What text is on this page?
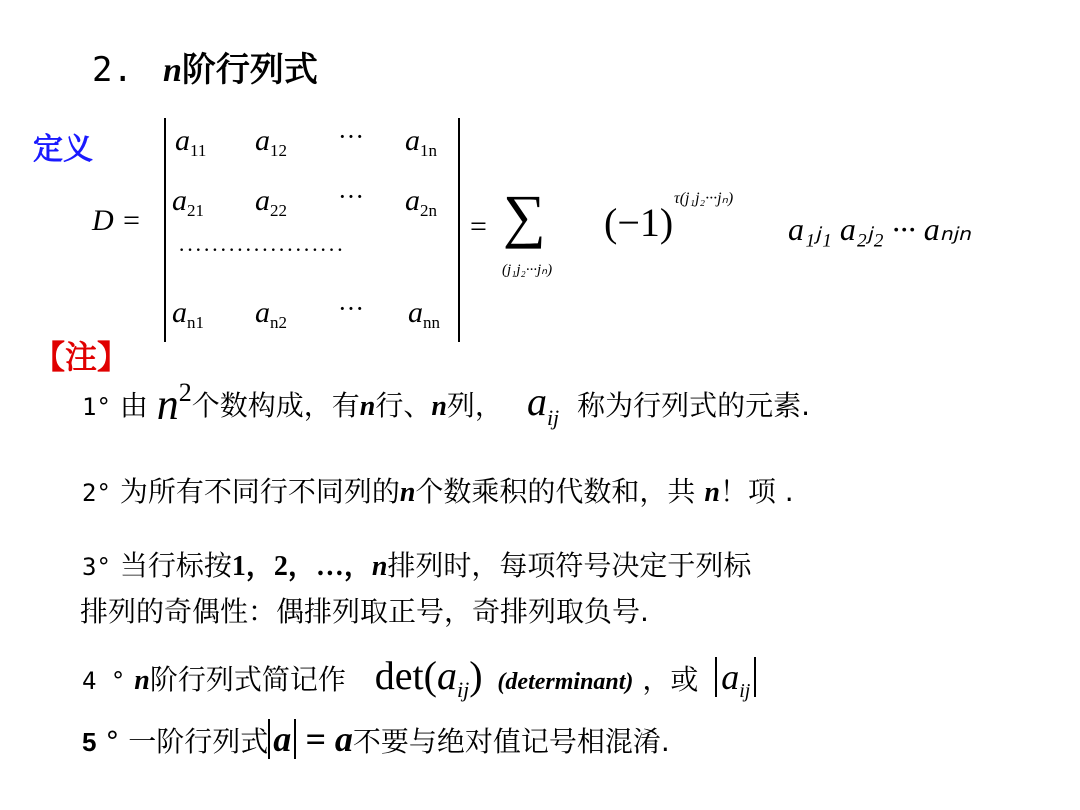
2. n阶行列式
定义
D =
$a_{11}$ $a_{12}$ ··· $a_{1n}$
$a_{21}$ $a_{22}$ ··· $a_{2n}$
····················
$a_{n1}$ $a_{n2}$ ··· $a_{nn}$
= ∑
(j₁j₂···jₙ)
(−1)
τ(j₁j₂···jₙ)
a₁ⱼ₁ a₂ⱼ₂ ··· aₙⱼₙ
【注】
1° 由 $n^2$个数构成，有n行、n列， $a_{ij}$ 称为行列式的元素.
2° 为所有不同行不同列的n个数乘积的代数和，共 n！项 .
3° 当行标按1，2，…，n排列时，每项符号决定于列标
排列的奇偶性：偶排列取正号，奇排列取负号.
4 ° n阶行列式简记作 $\det(a_{ij})$ (determinant) ，或 $a_{ij}$
5 ° 一阶行列式 a = a不要与绝对值记号相混淆.
